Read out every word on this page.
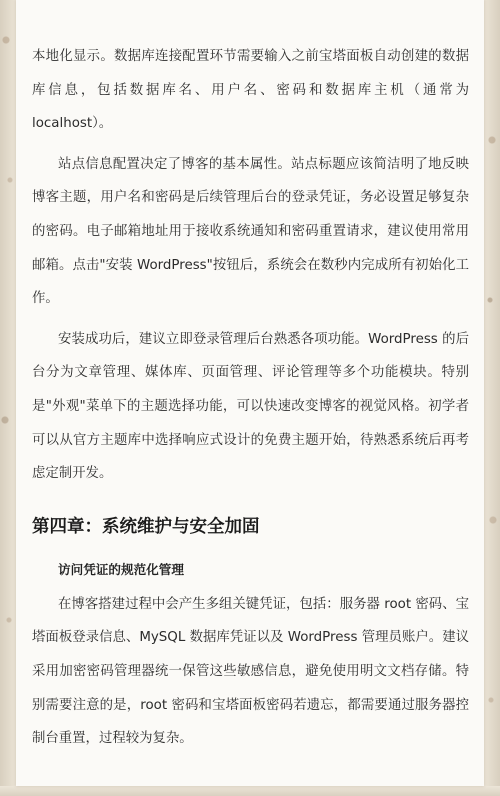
本地化显示。数据库连接配置环节需要输入之前宝塔面板自动创建的数据库信息，包括数据库名、用户名、密码和数据库主机（通常为 localhost）。

站点信息配置决定了博客的基本属性。站点标题应该简洁明了地反映博客主题，用户名和密码是后续管理后台的登录凭证，务必设置足够复杂的密码。电子邮箱地址用于接收系统通知和密码重置请求，建议使用常用邮箱。点击"安装 WordPress"按钮后，系统会在数秒内完成所有初始化工作。

安装成功后，建议立即登录管理后台熟悉各项功能。WordPress 的后台分为文章管理、媒体库、页面管理、评论管理等多个功能模块。特别是"外观"菜单下的主题选择功能，可以快速改变博客的视觉风格。初学者可以从官方主题库中选择响应式设计的免费主题开始，待熟悉系统后再考虑定制开发。

第四章：系统维护与安全加固
访问凭证的规范化管理

在博客搭建过程中会产生多组关键凭证，包括：服务器 root 密码、宝塔面板登录信息、MySQL 数据库凭证以及 WordPress 管理员账户。建议采用加密密码管理器统一保管这些敏感信息，避免使用明文文档存储。特别需要注意的是，root 密码和宝塔面板密码若遗忘，都需要通过服务器控制台重置，过程较为复杂。
